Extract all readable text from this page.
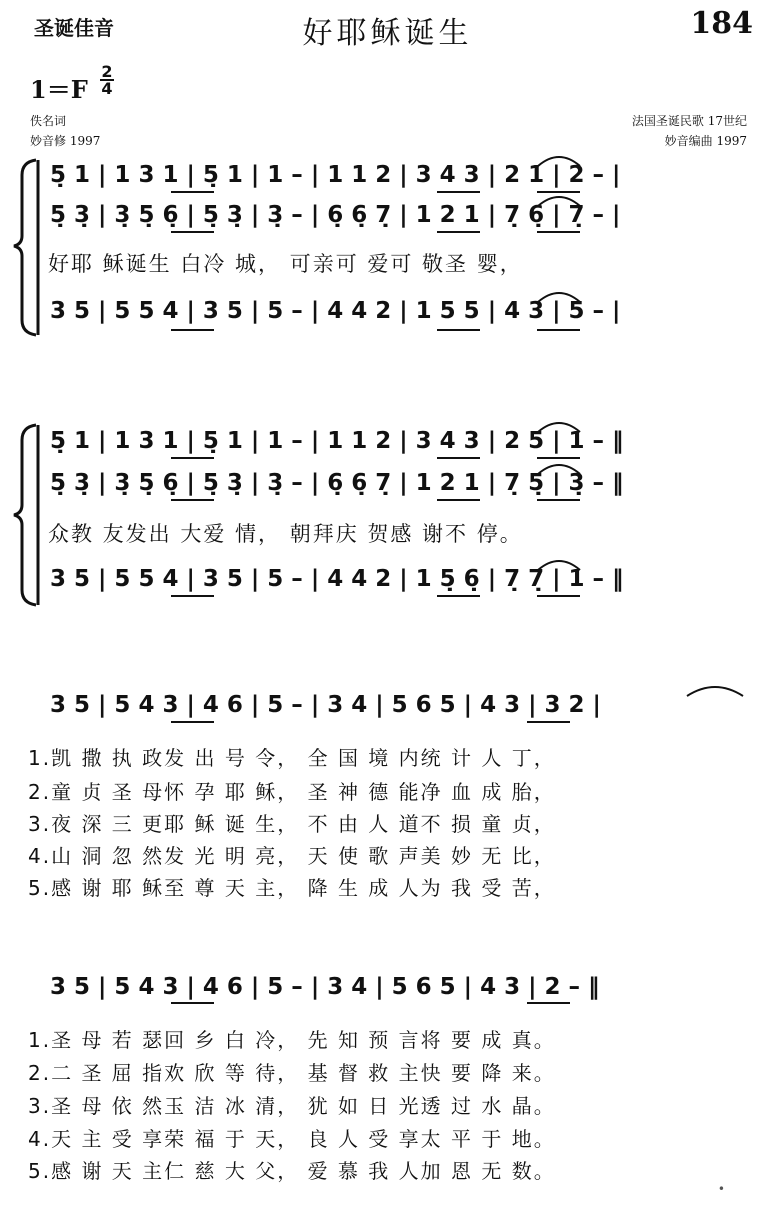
圣诞佳音	好耶稣诞生	184
1＝F
2
4
佚名词
妙音修 1997
法国圣诞民歌 17世纪
妙音编曲 1997
5̣ 1 | 1 3 1 | 5̣ 1 | 1 – | 1 1 2 | 3 4 3 | 2 1 | 2 – |
5̣ 3̣ | 3̣ 5̣ 6̣ | 5̣ 3̣ | 3̣ – | 6̣ 6̣ 7̣ | 1 2 1 | 7̣ 6̣ | 7̣ – |
好耶 稣诞生 白冷 城， 可亲可 爱可 敬圣 婴，
3 5 | 5 5 4 | 3 5 | 5 – | 4 4 2 | 1 5 5 | 4 3 | 5 – |
5̣ 1 | 1 3 1 | 5̣ 1 | 1 – | 1 1 2 | 3 4 3 | 2 5 | 1 – ‖
5̣ 3̣ | 3̣ 5̣ 6̣ | 5̣ 3̣ | 3̣ – | 6̣ 6̣ 7̣ | 1 2 1 | 7̣ 5̣ | 3̣ – ‖
众教 友发出 大爱 情， 朝拜庆 贺感 谢不 停。
3 5 | 5 5 4 | 3 5 | 5 – | 4 4 2 | 1 5̣ 6̣ | 7̣ 7̣ | 1 – ‖
3 5 | 5 4 3 | 4 6 | 5 – | 3 4 | 5 6 5 | 4 3 | 3 2 |
1.凯 撒 执 政发 出 号 令， 全 国 境 内统 计 人 丁，
2.童 贞 圣 母怀 孕 耶 稣， 圣 神 德 能净 血 成 胎，
3.夜 深 三 更耶 稣 诞 生， 不 由 人 道不 损 童 贞，
4.山 洞 忽 然发 光 明 亮， 天 使 歌 声美 妙 无 比，
5.感 谢 耶 稣至 尊 天 主， 降 生 成 人为 我 受 苦，
3 5 | 5 4 3 | 4 6 | 5 – | 3 4 | 5 6 5 | 4 3 | 2 – ‖
1.圣 母 若 瑟回 乡 白 冷， 先 知 预 言将 要 成 真。
2.二 圣 屈 指欢 欣 等 待， 基 督 救 主快 要 降 来。
3.圣 母 依 然玉 洁 冰 清， 犹 如 日 光透 过 水 晶。
4.天 主 受 享荣 福 于 天， 良 人 受 享太 平 于 地。
5.感 谢 天 主仁 慈 大 父， 爱 慕 我 人加 恩 无 数。
•
